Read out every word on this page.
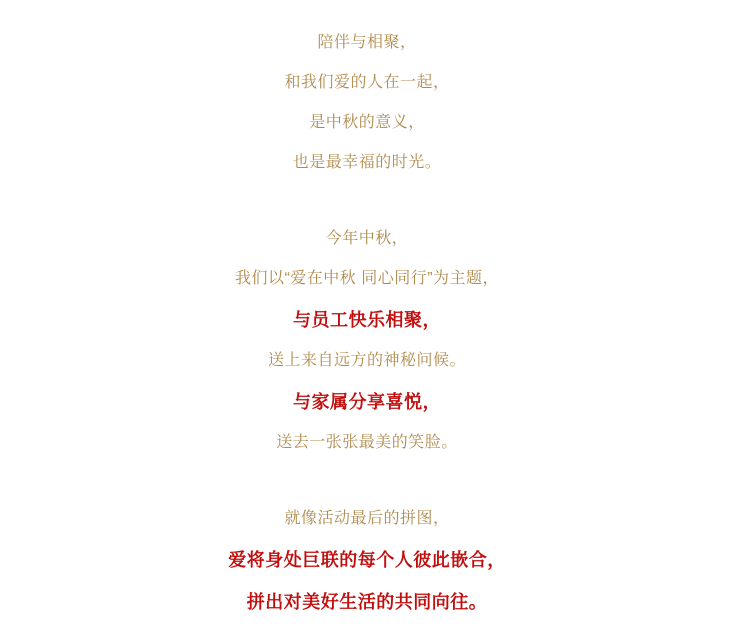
陪伴与相聚，

和我们爱的人在一起，

是中秋的意义，

也是最幸福的时光。

今年中秋，

我们以“爱在中秋 同心同行”为主题，

与员工快乐相聚，

送上来自远方的神秘问候。

与家属分享喜悦，

送去一张张最美的笑脸。

就像活动最后的拼图，

爱将身处巨联的每个人彼此嵌合，

拼出对美好生活的共同向往。
